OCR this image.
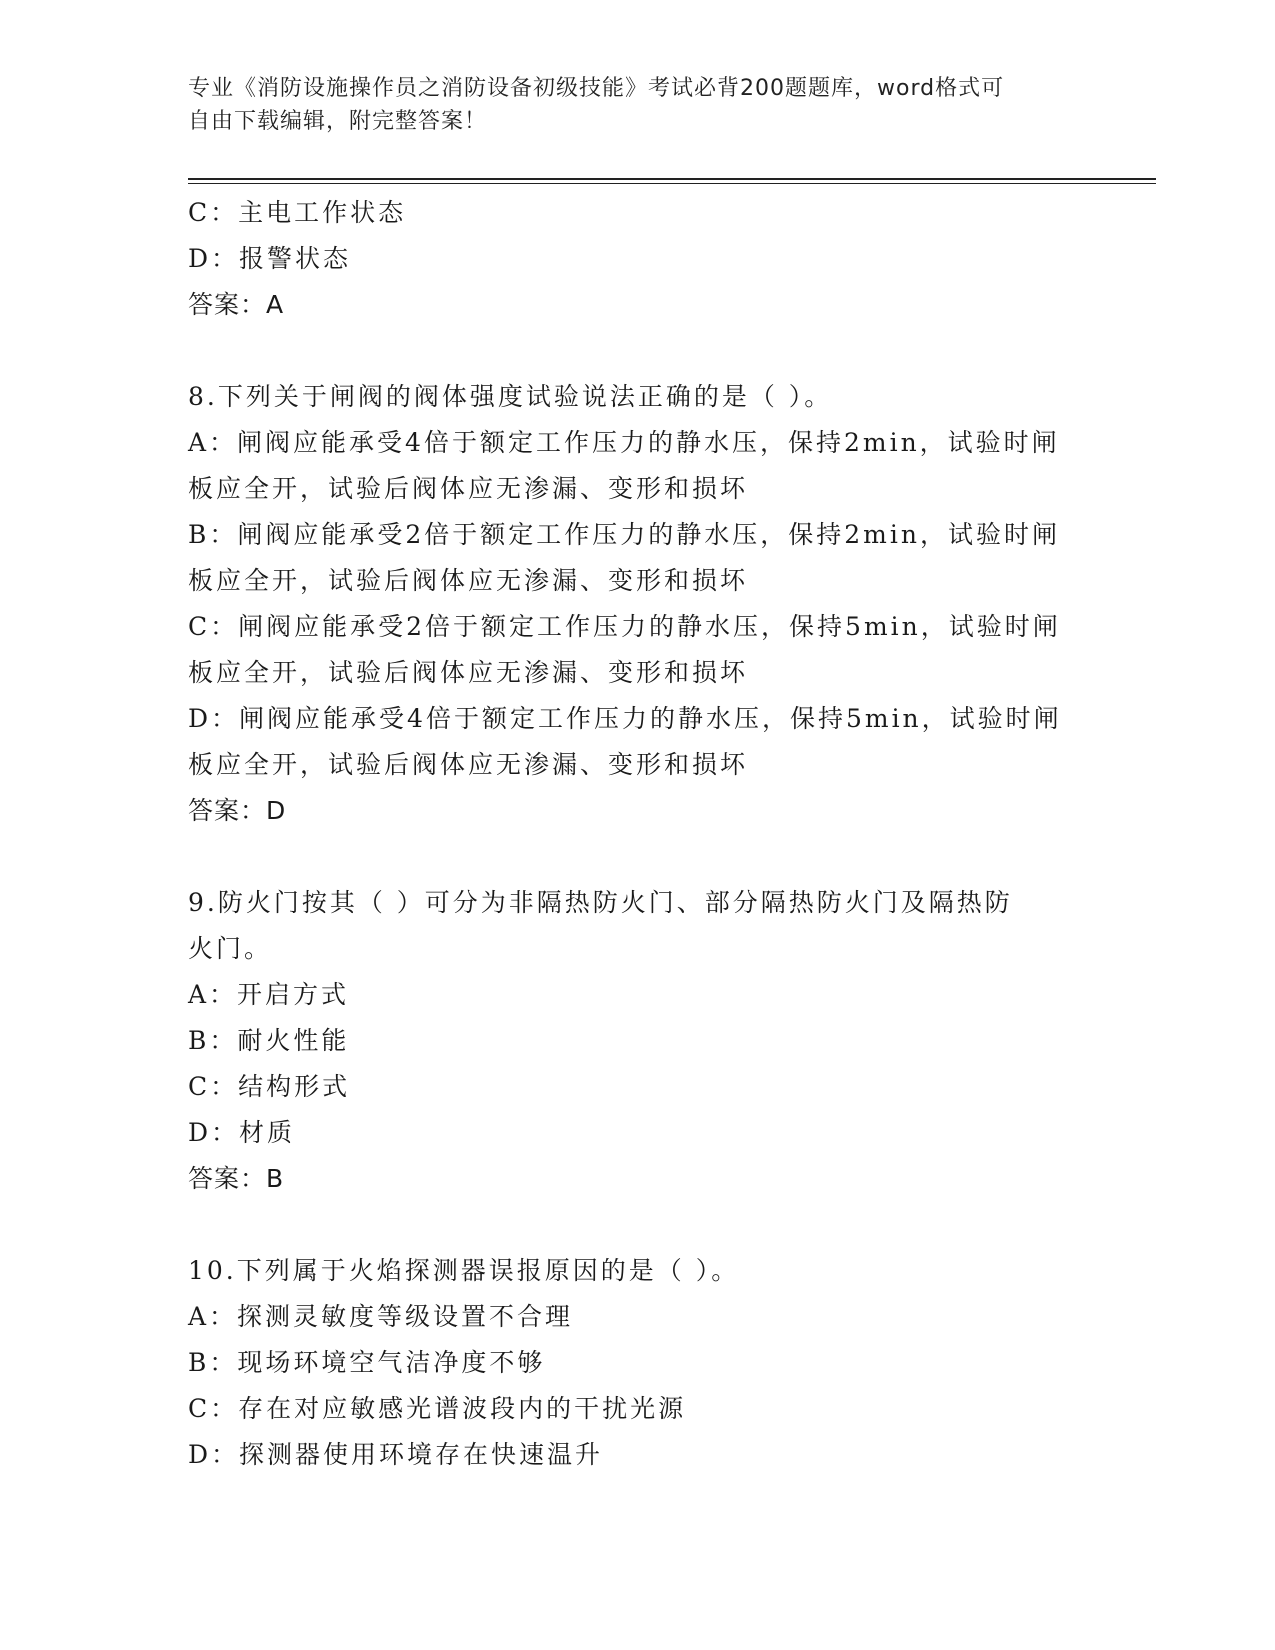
专业《消防设施操作员之消防设备初级技能》考试必背200题题库，word格式可
自由下载编辑，附完整答案！
C：主电工作状态
D：报警状态
答案：A
8.下列关于闸阀的阀体强度试验说法正确的是（ ）。
A：闸阀应能承受4倍于额定工作压力的静水压，保持2min，试验时闸
板应全开，试验后阀体应无渗漏、变形和损坏
B：闸阀应能承受2倍于额定工作压力的静水压，保持2min，试验时闸
板应全开，试验后阀体应无渗漏、变形和损坏
C：闸阀应能承受2倍于额定工作压力的静水压，保持5min，试验时闸
板应全开，试验后阀体应无渗漏、变形和损坏
D：闸阀应能承受4倍于额定工作压力的静水压，保持5min，试验时闸
板应全开，试验后阀体应无渗漏、变形和损坏
答案：D
9.防火门按其（ ）可分为非隔热防火门、部分隔热防火门及隔热防
火门。
A：开启方式
B：耐火性能
C：结构形式
D：材质
答案：B
10.下列属于火焰探测器误报原因的是（ ）。
A：探测灵敏度等级设置不合理
B：现场环境空气洁净度不够
C：存在对应敏感光谱波段内的干扰光源
D：探测器使用环境存在快速温升
